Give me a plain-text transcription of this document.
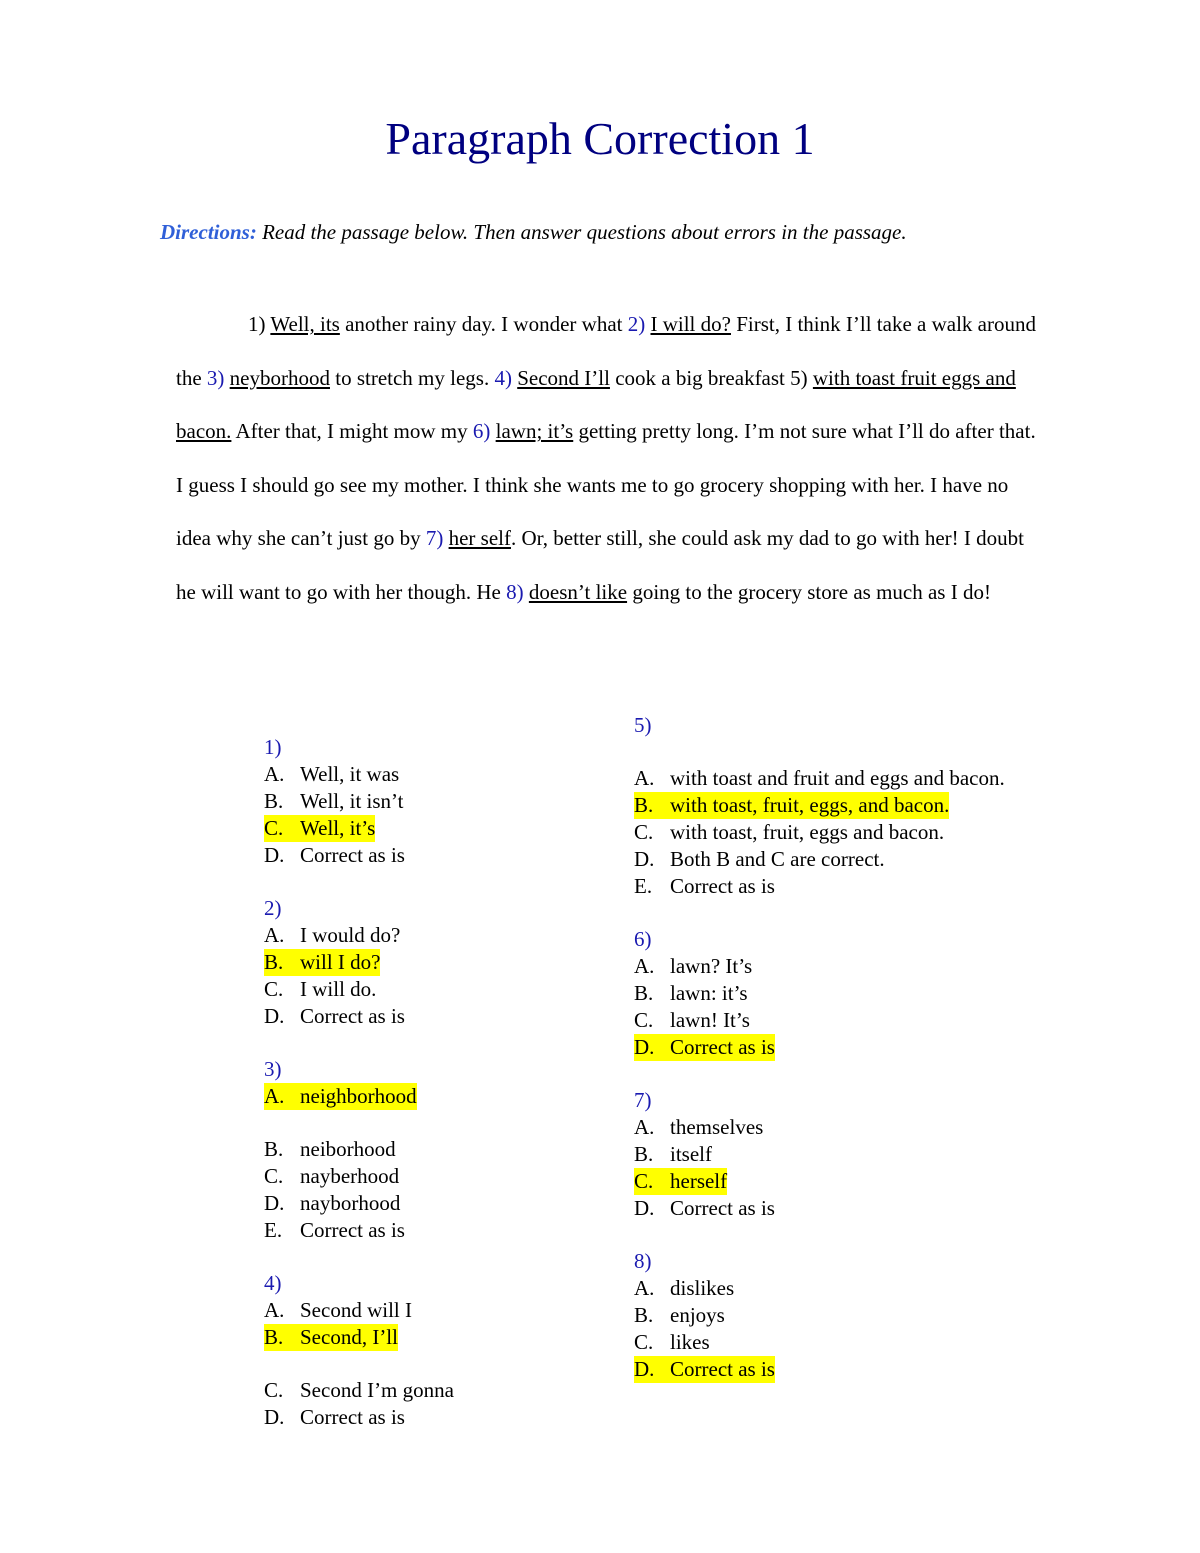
Paragraph Correction 1
Directions: Read the passage below. Then answer questions about errors in the passage.

1) Well, its another rainy day. I wonder what 2) I will do? First, I think I’ll take a walk around the 3) neyborhood to stretch my legs. 4) Second I’ll cook a big breakfast 5) with toast fruit eggs and bacon. After that, I might mow my 6) lawn; it’s getting pretty long. I’m not sure what I’ll do after that. I guess I should go see my mother. I think she wants me to go grocery shopping with her. I have no idea why she can’t just go by 7) her self. Or, better still, she could ask my dad to go with her! I doubt he will want to go with her though. He 8) doesn’t like going to the grocery store as much as I do!

1)
A. Well, it was
B. Well, it isn’t
C. Well, it’s
D. Correct as is
2)
A. I would do?
B. will I do?
C. I will do.
D. Correct as is
3)
A. neighborhood
B. neiborhood
C. nayberhood
D. nayborhood
E. Correct as is
4)
A. Second will I
B. Second, I’ll
C. Second I’m gonna
D. Correct as is
5)
A. with toast and fruit and eggs and bacon.
B. with toast, fruit, eggs, and bacon.
C. with toast, fruit, eggs and bacon.
D. Both B and C are correct.
E. Correct as is
6)
A. lawn? It’s
B. lawn: it’s
C. lawn! It’s
D. Correct as is
7)
A. themselves
B. itself
C. herself
D. Correct as is
8)
A. dislikes
B. enjoys
C. likes
D. Correct as is
